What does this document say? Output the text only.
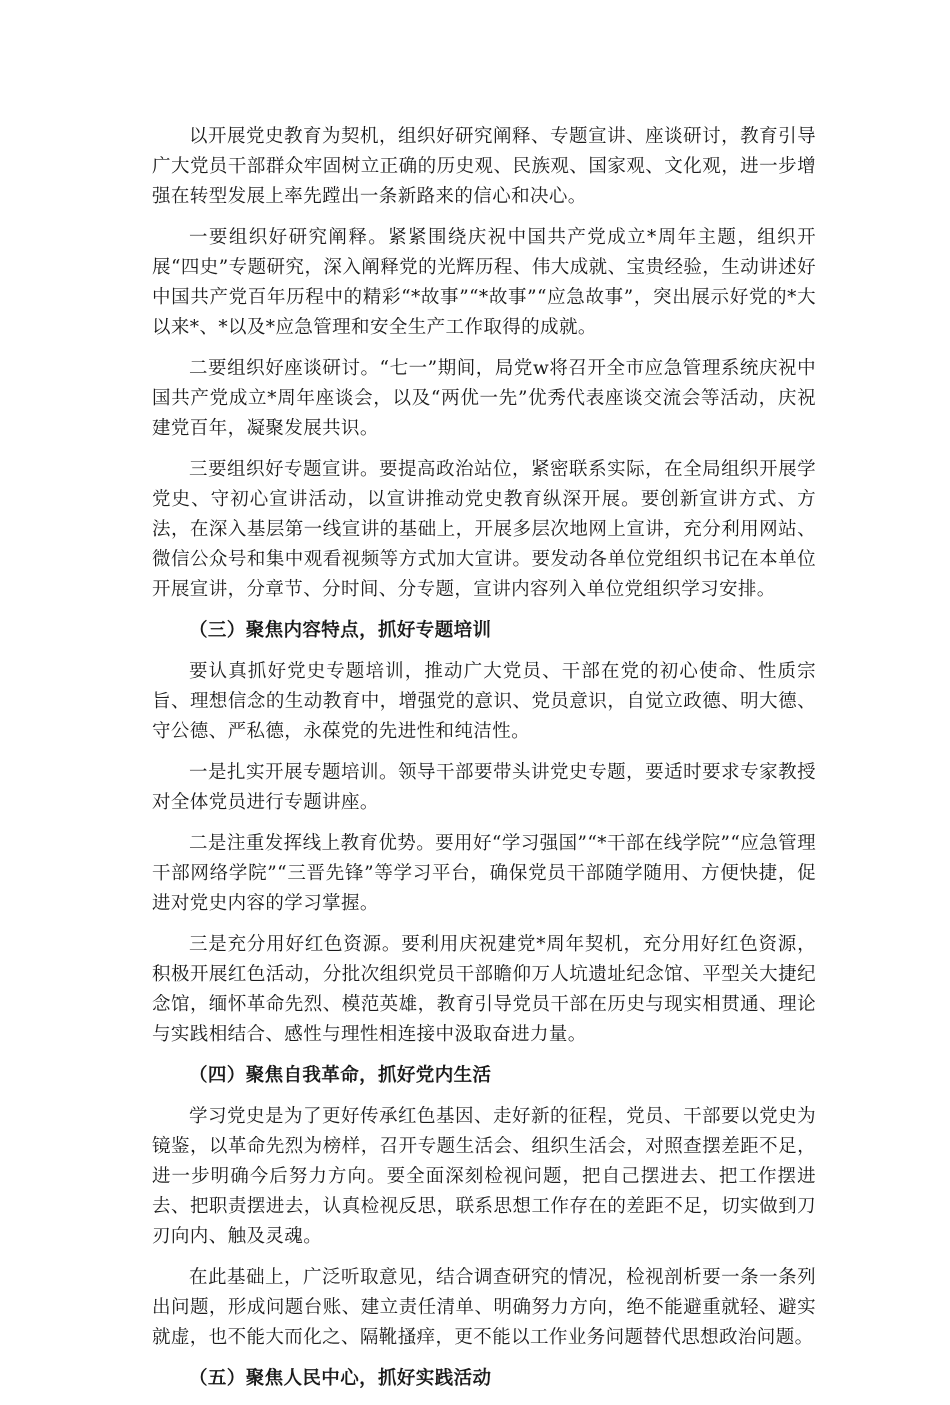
以开展党史教育为契机，组织好研究阐释、专题宣讲、座谈研讨，教育引导广大党员干部群众牢固树立正确的历史观、民族观、国家观、文化观，进一步增强在转型发展上率先蹚出一条新路来的信心和决心。

一要组织好研究阐释。紧紧围绕庆祝中国共产党成立*周年主题，组织开展“四史”专题研究，深入阐释党的光辉历程、伟大成就、宝贵经验，生动讲述好中国共产党百年历程中的精彩“*故事”“*故事”“应急故事”，突出展示好党的*大以来*、*以及*应急管理和安全生产工作取得的成就。

二要组织好座谈研讨。“七一”期间，局党w将召开全市应急管理系统庆祝中国共产党成立*周年座谈会，以及“两优一先”优秀代表座谈交流会等活动，庆祝建党百年，凝聚发展共识。

三要组织好专题宣讲。要提高政治站位，紧密联系实际，在全局组织开展学党史、守初心宣讲活动，以宣讲推动党史教育纵深开展。要创新宣讲方式、方法，在深入基层第一线宣讲的基础上，开展多层次地网上宣讲，充分利用网站、微信公众号和集中观看视频等方式加大宣讲。要发动各单位党组织书记在本单位开展宣讲，分章节、分时间、分专题，宣讲内容列入单位党组织学习安排。

（三）聚焦内容特点，抓好专题培训

要认真抓好党史专题培训，推动广大党员、干部在党的初心使命、性质宗旨、理想信念的生动教育中，增强党的意识、党员意识，自觉立政德、明大德、守公德、严私德，永葆党的先进性和纯洁性。

一是扎实开展专题培训。领导干部要带头讲党史专题，要适时要求专家教授对全体党员进行专题讲座。

二是注重发挥线上教育优势。要用好“学习强国”“*干部在线学院”“应急管理干部网络学院”“三晋先锋”等学习平台，确保党员干部随学随用、方便快捷，促进对党史内容的学习掌握。

三是充分用好红色资源。要利用庆祝建党*周年契机，充分用好红色资源，积极开展红色活动，分批次组织党员干部瞻仰万人坑遗址纪念馆、平型关大捷纪念馆，缅怀革命先烈、模范英雄，教育引导党员干部在历史与现实相贯通、理论与实践相结合、感性与理性相连接中汲取奋进力量。

（四）聚焦自我革命，抓好党内生活

学习党史是为了更好传承红色基因、走好新的征程，党员、干部要以党史为镜鉴，以革命先烈为榜样，召开专题生活会、组织生活会，对照查摆差距不足，进一步明确今后努力方向。要全面深刻检视问题，把自己摆进去、把工作摆进去、把职责摆进去，认真检视反思，联系思想工作存在的差距不足，切实做到刀刃向内、触及灵魂。

在此基础上，广泛听取意见，结合调查研究的情况，检视剖析要一条一条列出问题，形成问题台账、建立责任清单、明确努力方向，绝不能避重就轻、避实就虚，也不能大而化之、隔靴搔痒，更不能以工作业务问题替代思想政治问题。

（五）聚焦人民中心，抓好实践活动
